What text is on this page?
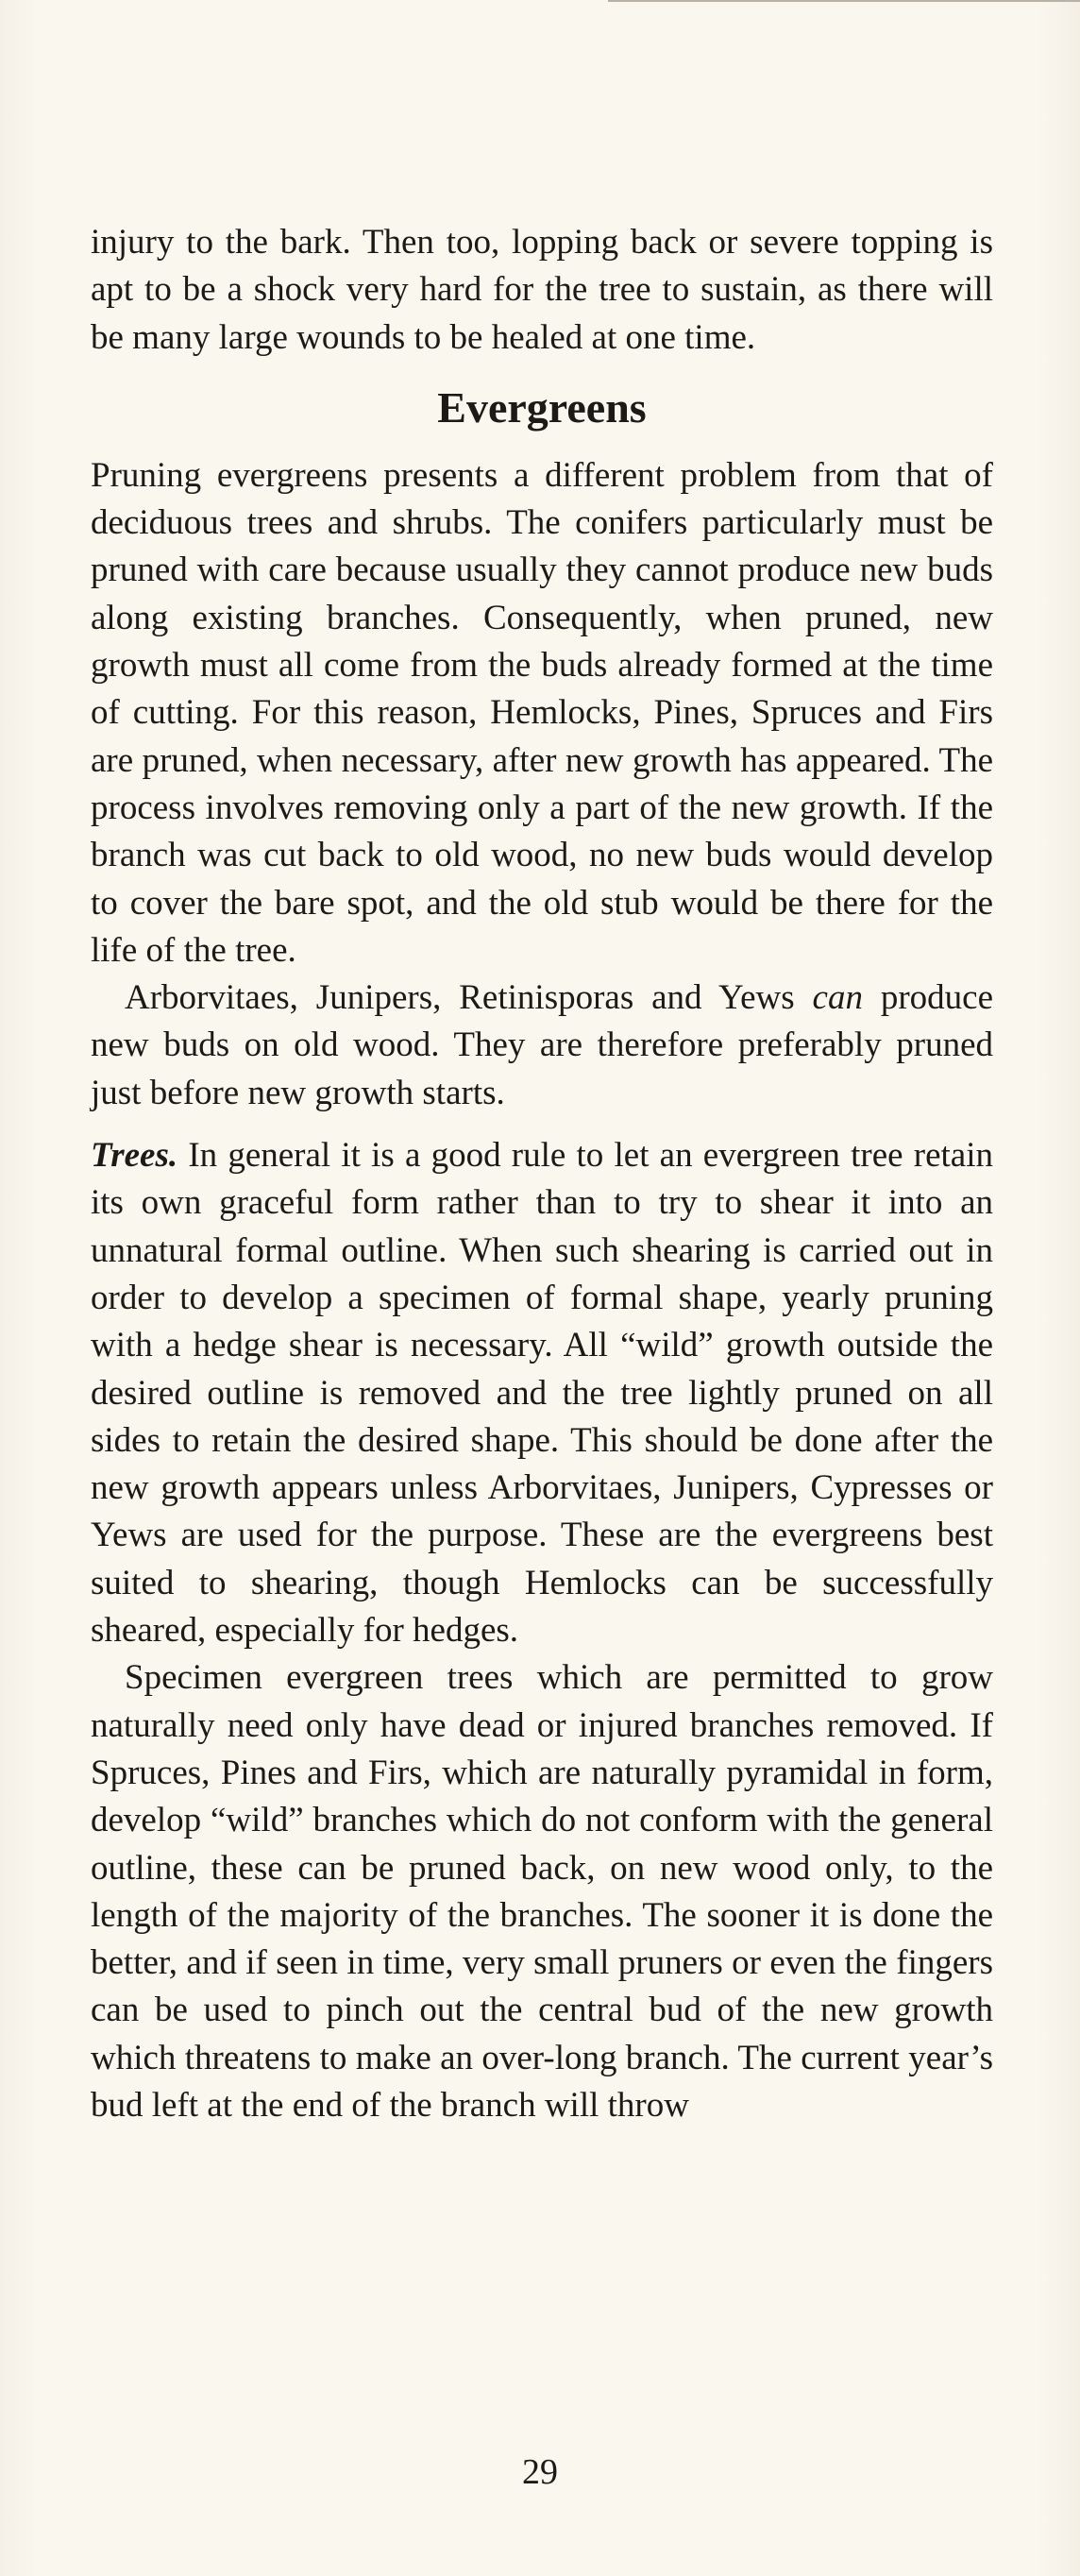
injury to the bark. Then too, lopping back or severe topping is apt to be a shock very hard for the tree to sustain, as there will be many large wounds to be healed at one time.

Evergreens

Pruning evergreens presents a different problem from that of deciduous trees and shrubs. The conifers particularly must be pruned with care because usually they cannot produce new buds along existing branches. Consequently, when pruned, new growth must all come from the buds already formed at the time of cutting. For this reason, Hemlocks, Pines, Spruces and Firs are pruned, when necessary, after new growth has appeared. The process involves removing only a part of the new growth. If the branch was cut back to old wood, no new buds would develop to cover the bare spot, and the old stub would be there for the life of the tree.

Arborvitaes, Junipers, Retinisporas and Yews can produce new buds on old wood. They are therefore preferably pruned just before new growth starts.

Trees. In general it is a good rule to let an evergreen tree retain its own graceful form rather than to try to shear it into an unnatural formal outline. When such shearing is carried out in order to develop a specimen of formal shape, yearly pruning with a hedge shear is necessary. All “wild” growth outside the desired outline is removed and the tree lightly pruned on all sides to retain the desired shape. This should be done after the new growth appears unless Arborvitaes, Junipers, Cypresses or Yews are used for the purpose. These are the evergreens best suited to shearing, though Hemlocks can be successfully sheared, especially for hedges.

Specimen evergreen trees which are permitted to grow naturally need only have dead or injured branches removed. If Spruces, Pines and Firs, which are naturally pyramidal in form, develop “wild” branches which do not conform with the general outline, these can be pruned back, on new wood only, to the length of the majority of the branches. The sooner it is done the better, and if seen in time, very small pruners or even the fingers can be used to pinch out the central bud of the new growth which threatens to make an over-long branch. The current year’s bud left at the end of the branch will throw

29
